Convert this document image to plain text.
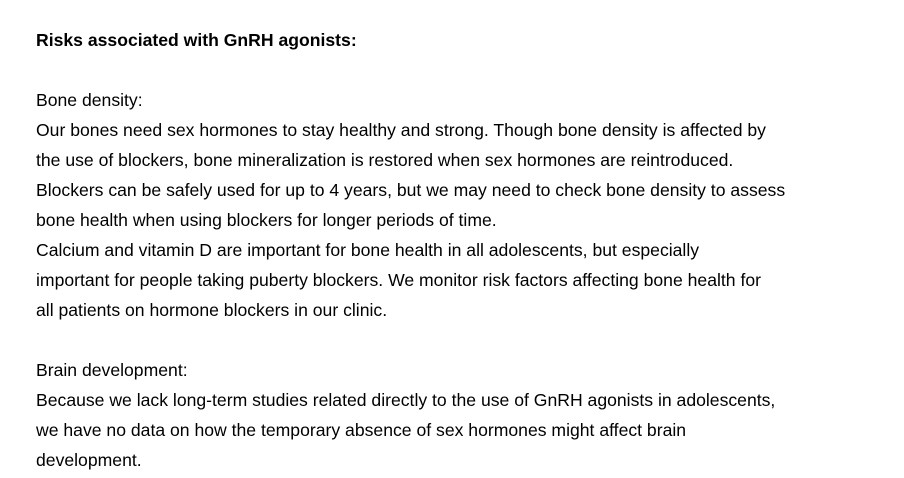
Risks associated with GnRH agonists:
Bone density:
Our bones need sex hormones to stay healthy and strong. Though bone density is affected by
the use of blockers, bone mineralization is restored when sex hormones are reintroduced.
Blockers can be safely used for up to 4 years, but we may need to check bone density to assess
bone health when using blockers for longer periods of time.
Calcium and vitamin D are important for bone health in all adolescents, but especially
important for people taking puberty blockers. We monitor risk factors affecting bone health for
all patients on hormone blockers in our clinic.
Brain development:
Because we lack long-term studies related directly to the use of GnRH agonists in adolescents,
we have no data on how the temporary absence of sex hormones might affect brain
development.
